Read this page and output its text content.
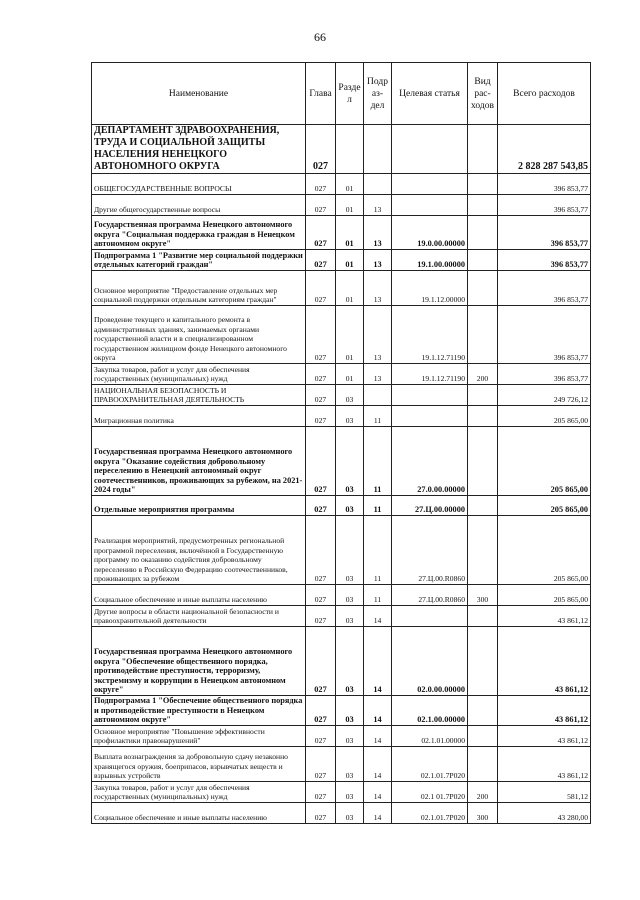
66
Наименование	Глава	Разде л	Подр аз- дел	Целевая статья	Вид рас- ходов	Всего расходов
ДЕПАРТАМЕНТ ЗДРАВООХРАНЕНИЯ, ТРУДА И СОЦИАЛЬНОЙ ЗАЩИТЫ НАСЕЛЕНИЯ НЕНЕЦКОГО АВТОНОМНОГО ОКРУГА	027					2 828 287 543,85
ОБЩЕГОСУДАРСТВЕННЫЕ ВОПРОСЫ	027	01				396 853,77
Другие общегосударственные вопросы	027	01	13			396 853,77
Государственная программа Ненецкого автономного округа "Социальная поддержка граждан в Ненецком автономном округе"	027	01	13	19.0.00.00000		396 853,77
Подпрограмма 1 "Развитие мер социальной поддержки отдельных категорий граждан"	027	01	13	19.1.00.00000		396 853,77
Основное мероприятие "Предоставление отдельных мер социальной поддержки отдельным категориям граждан"	027	01	13	19.1.12.00000		396 853,77
Проведение текущего и капитального ремонта в административных зданиях, занимаемых органами государственной власти и в специализированном государственном жилищном фонде Ненецкого автономного округа	027	01	13	19.1.12.71190		396 853,77
Закупка товаров, работ и услуг для обеспечения государственных (муниципальных) нужд	027	01	13	19.1.12.71190	200	396 853,77
НАЦИОНАЛЬНАЯ БЕЗОПАСНОСТЬ И ПРАВООХРАНИТЕЛЬНАЯ ДЕЯТЕЛЬНОСТЬ	027	03				249 726,12
Миграционная политика	027	03	11			205 865,00
Государственная программа Ненецкого автономного округа "Оказание содействия добровольному переселению в Ненецкий автономный округ соотечественников, проживающих за рубежом, на 2021-2024 годы"	027	03	11	27.0.00.00000		205 865,00
Отдельные мероприятия программы	027	03	11	27.Ц.00.00000		205 865,00
Реализация мероприятий, предусмотренных региональной программой переселения, включённой в Государственную программу по оказанию содействия добровольному переселению в Российскую Федерацию соотечественников, проживающих за рубежом	027	03	11	27.Ц.00.R0860		205 865,00
Социальное обеспечение и иные выплаты населению	027	03	11	27.Ц.00.R0860	300	205 865,00
Другие вопросы в области национальной безопасности и правоохранительной деятельности	027	03	14			43 861,12
Государственная программа Ненецкого автономного округа "Обеспечение общественного порядка, противодействие преступности, терроризму, экстремизму и коррупции в Ненецком автономном округе"	027	03	14	02.0.00.00000		43 861,12
Подпрограмма 1 "Обеспечение общественного порядка и противодействие преступности в Ненецком автономном округе"	027	03	14	02.1.00.00000		43 861,12
Основное мероприятие "Повышение эффективности профилактики правонарушений"	027	03	14	02.1.01.00000		43 861,12
Выплата вознаграждения за добровольную сдачу незаконно хранящегося оружия, боеприпасов, взрывчатых веществ и взрывных устройств	027	03	14	02.1.01.7Р020		43 861,12
Закупка товаров, работ и услуг для обеспечения государственных (муниципальных) нужд	027	03	14	02.1 01.7Р020	200	581,12
Социальное обеспечение и иные выплаты населению	027	03	14	02.1.01.7Р020	300	43 280,00
